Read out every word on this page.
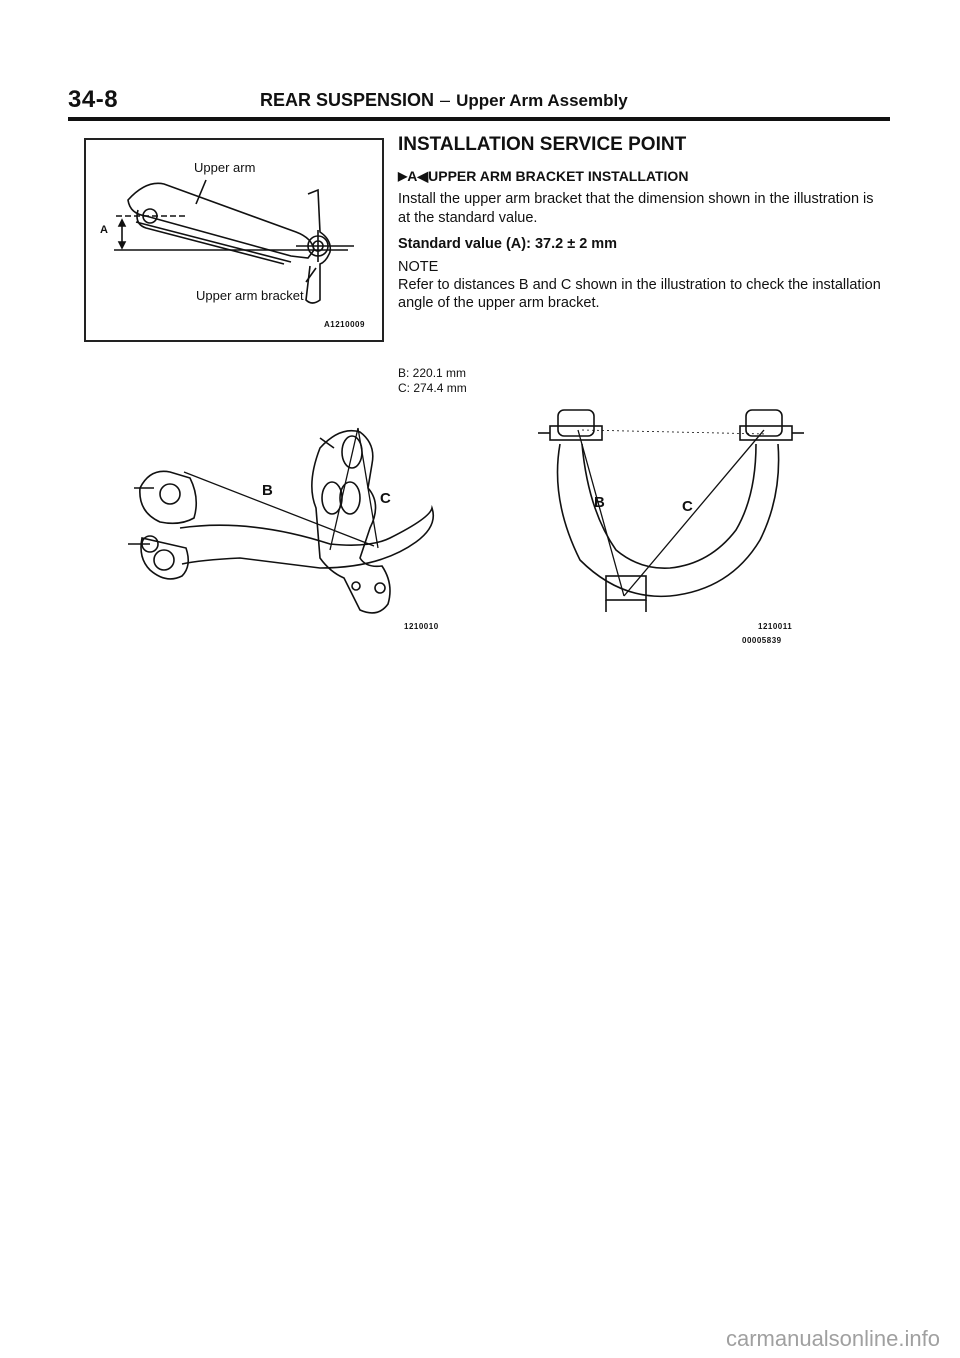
34-8	REAR SUSPENSION – Upper Arm Assembly
Upper arm
Upper arm bracket
A
A1210009
INSTALLATION SERVICE POINT
▶ A ◀ UPPER ARM BRACKET INSTALLATION

Install the upper arm bracket that the dimension shown in the illustration is at the standard value.

Standard value (A): 37.2 ± 2 mm
NOTE

Refer to distances B and C shown in the illustration to check the installation angle of the upper arm bracket.

B: 220.1 mm
C: 274.4 mm
B	C
1210010
B	C
1210011
00005839
carmanualsonline.info
